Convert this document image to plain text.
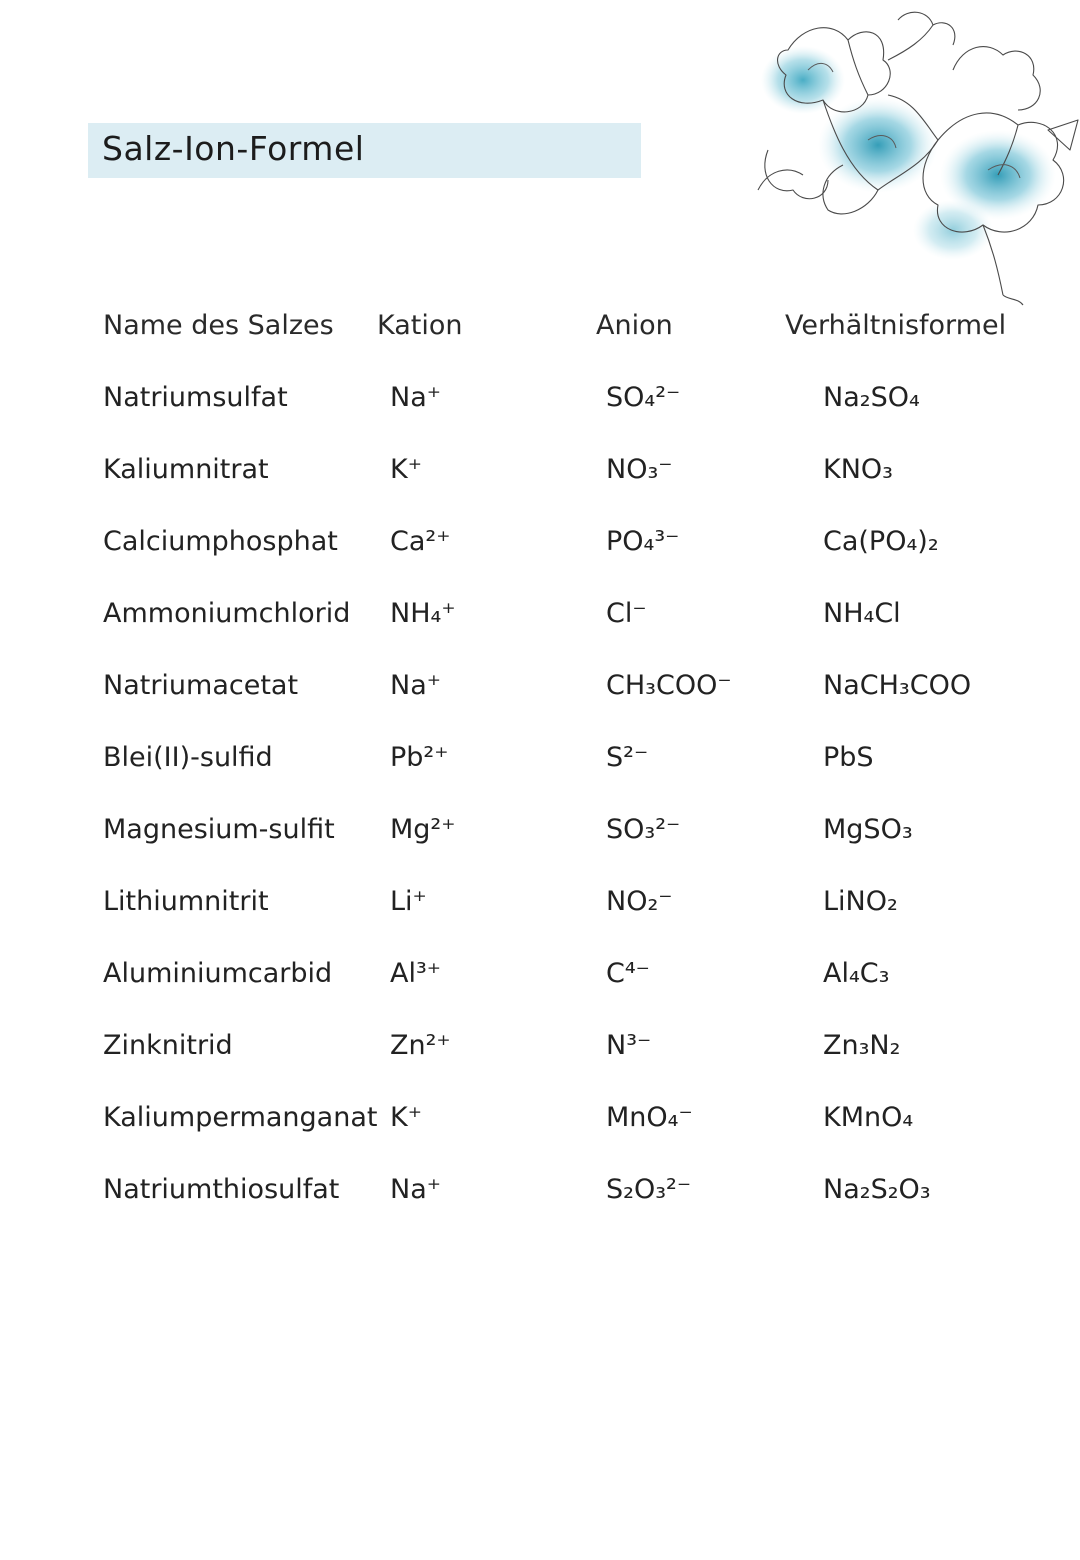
Salz-Ion-Formel
Name des Salzes Kation	Anion	Verhältnisformel
Natriumsulfat	Na⁺	SO₄²⁻	Na₂SO₄
Kaliumnitrat	K⁺	NO₃⁻	KNO₃
Calciumphosphat Ca²⁺	PO₄³⁻	Ca(PO₄)₂
Ammoniumchlorid NH₄⁺	Cl⁻	NH₄Cl
Natriumacetat	Na⁺	CH₃COO⁻	NaCH₃COO
Blei(II)-sulfid	Pb²⁺	S²⁻	PbS
Magnesium-sulfit Mg²⁺	SO₃²⁻	MgSO₃
Lithiumnitrit	Li⁺	NO₂⁻	LiNO₂
Aluminiumcarbid Al³⁺	C⁴⁻	Al₄C₃
Zinknitrid	Zn²⁺	N³⁻	Zn₃N₂
Kaliumpermanganat K⁺	MnO₄⁻	KMnO₄
Natriumthiosulfat Na⁺	S₂O₃²⁻	Na₂S₂O₃
